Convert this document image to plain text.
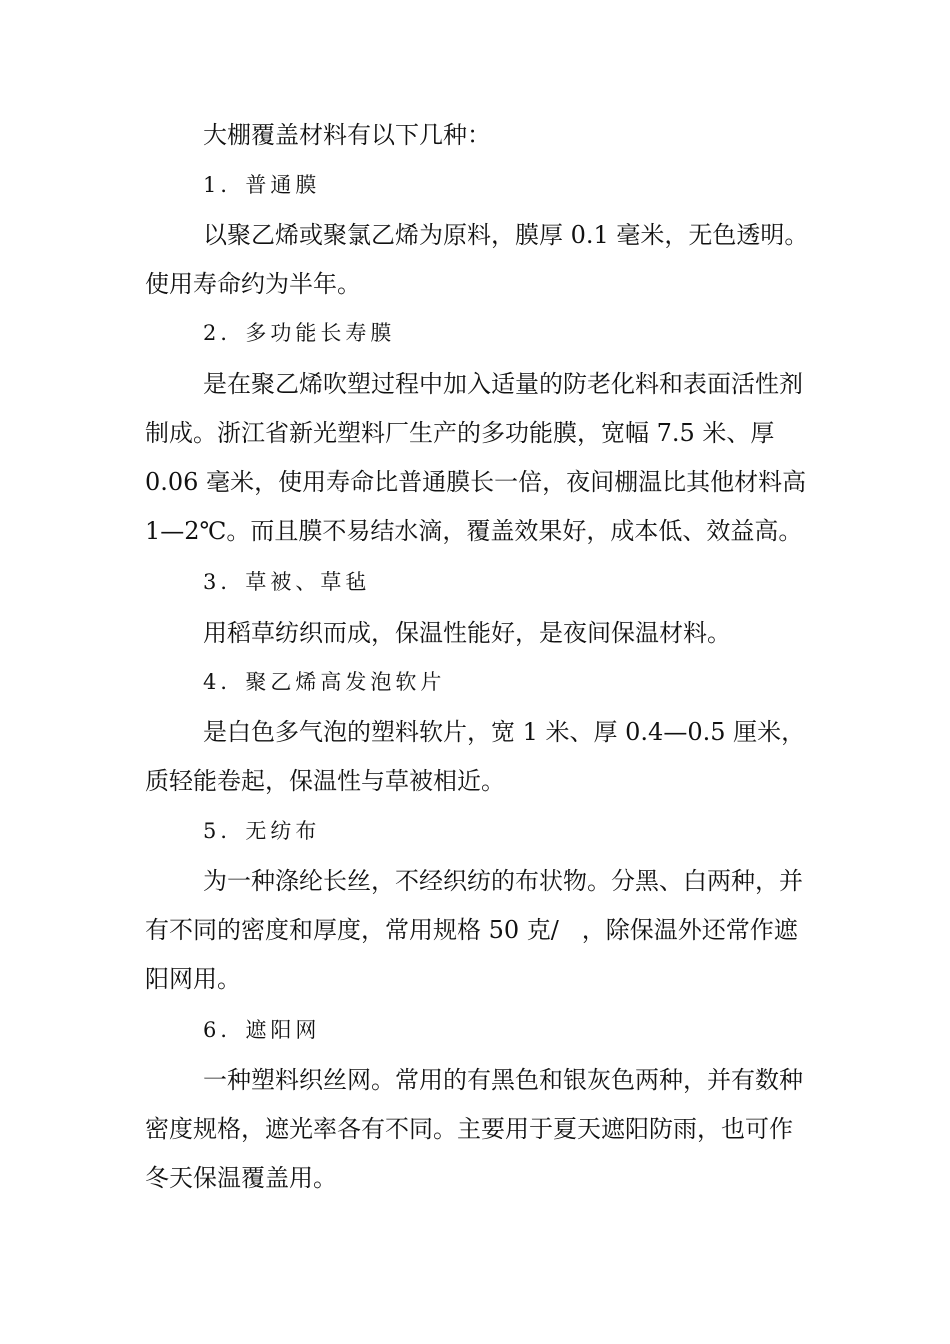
大棚覆盖材料有以下几种：

1．普通膜

以聚乙烯或聚氯乙烯为原料，膜厚 0.1 毫米，无色透明。使用寿命约为半年。

2．多功能长寿膜

是在聚乙烯吹塑过程中加入适量的防老化料和表面活性剂制成。浙江省新光塑料厂生产的多功能膜，宽幅 7.5 米、厚 0.06 毫米，使用寿命比普通膜长一倍，夜间棚温比其他材料高 1—2℃。而且膜不易结水滴，覆盖效果好，成本低、效益高。

3．草被、草毡

用稻草纺织而成，保温性能好，是夜间保温材料。

4．聚乙烯高发泡软片

是白色多气泡的塑料软片，宽 1 米、厚 0.4—0.5 厘米，质轻能卷起，保温性与草被相近。

5．无纺布

为一种涤纶长丝，不经织纺的布状物。分黑、白两种，并有不同的密度和厚度，常用规格 50 克/   ，除保温外还常作遮阳网用。

6．遮阳网

一种塑料织丝网。常用的有黑色和银灰色两种，并有数种密度规格，遮光率各有不同。主要用于夏天遮阳防雨，也可作冬天保温覆盖用。
